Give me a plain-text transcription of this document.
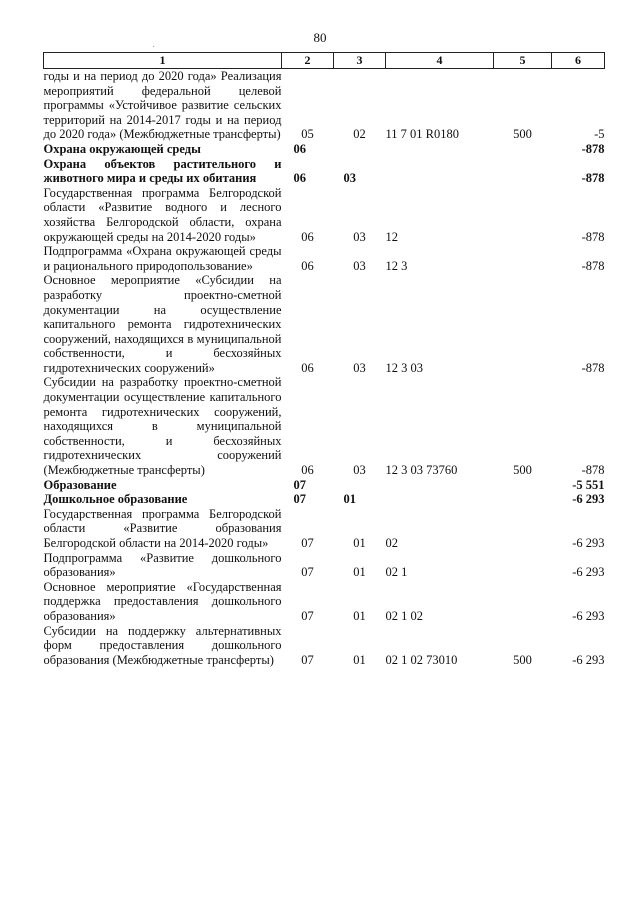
80
1	2	3	4	5	6
годы и на период до 2020 года» Реализация мероприятий федеральной целевой программы «Устойчивое развитие сельских территорий на 2014-2017 годы и на период до 2020 года» (Межбюджетные трансферты)	05	02	11 7 01 R0180	500	-5
Охрана окружающей среды	06				-878
Охрана объектов растительного и животного мира и среды их обитания	06	03			-878
Государственная программа Белгородской области «Развитие водного и лесного хозяйства Белгородской области, охрана окружающей среды на 2014-2020 годы»	06	03	12		-878
Подпрограмма «Охрана окружающей среды и рационального природопользование»	06	03	12 3		-878
Основное мероприятие «Субсидии на разработку проектно-сметной документации на осуществление капитального ремонта гидротехнических сооружений, находящихся в муниципальной собственности, и бесхозяйных гидротехнических сооружений»	06	03	12 3 03		-878
Субсидии на разработку проектно-сметной документации осуществление капитального ремонта гидротехнических сооружений, находящихся в муниципальной собственности, и бесхозяйных гидротехнических сооружений (Межбюджетные трансферты)	06	03	12 3 03 73760	500	-878
Образование	07				-5 551
Дошкольное образование	07	01			-6 293
Государственная программа Белгородской области «Развитие образования Белгородской области на 2014-2020 годы»	07	01	02		-6 293
Подпрограмма «Развитие дошкольного образования»	07	01	02 1		-6 293
Основное мероприятие «Государственная поддержка предоставления дошкольного образования»	07	01	02 1 02		-6 293
Субсидии на поддержку альтернативных форм предоставления дошкольного образования (Межбюджетные трансферты)	07	01	02 1 02 73010	500	-6 293
·
